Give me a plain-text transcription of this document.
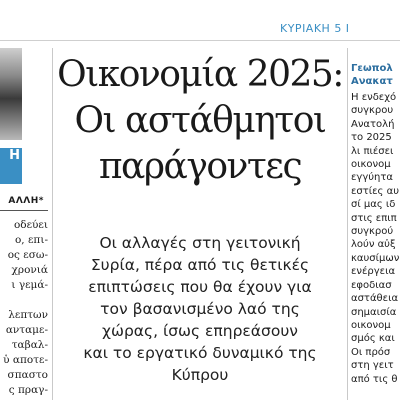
ΚΥΡΙΑΚΗ 5 Ι
Η
ΑΛΛΗ*
οδεύει
ο, επι-
ος εσω-
χρονιά
ι γεμά-
λεπτων
ανταμε-
ταβαλ-
ὑ αποτε-
σπαστο
ς πραγ-
Οικονομία 2025:
Οι αστάθμητοι
παράγοντες
Οι αλλαγές στη γειτονική
Συρία, πέρα από τις θετικές
επιπτώσεις που θα έχουν για
τον βασανισμένο λαό της
χώρας, ίσως επηρεάσουν
και το εργατικό δυναμικό της
Κύπρου
Γεωπολ
Ανακατ
Η ενδεχό
συγκρου
Ανατολή
το 2025
λι πιέσει
οικονομ
εγγύητα
εστίες αυ
σί μας ιδ
στις επιπ
συγκρού
λούν αὐξ
καυσίμων
ενέργεια
εφοδιασ
αστάθεια
σημαισία
οικονομ
σμός και
Οι πρόσ
στη γειτ
από τις θ
